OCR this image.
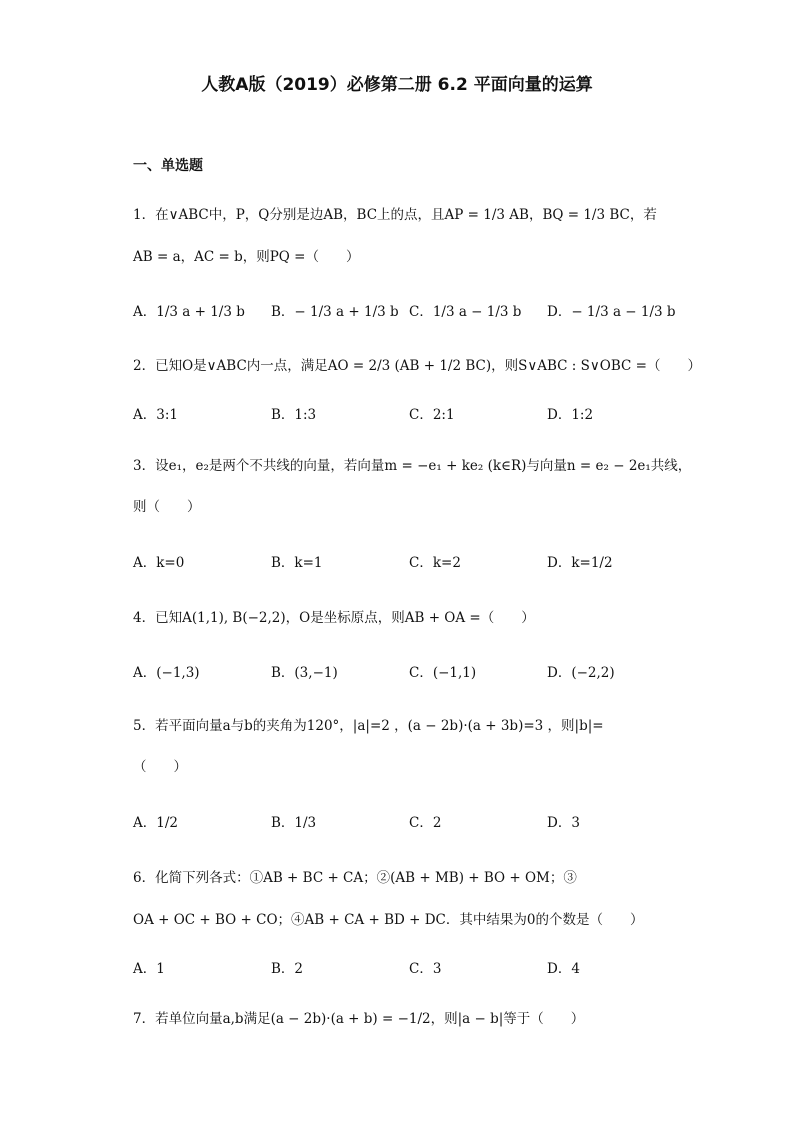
人教A版（2019）必修第二册 6.2 平面向量的运算
一、单选题
1．在∨ABC中，P，Q分别是边AB，BC上的点，且AP = 1/3 AB，BQ = 1/3 BC，若
AB = a，AC = b，则PQ =（　　）
A．1/3 a + 1/3 b B．− 1/3 a + 1/3 b C．1/3 a − 1/3 b D．− 1/3 a − 1/3 b
2．已知O是∨ABC内一点，满足AO = 2/3 (AB + 1/2 BC)，则S∨ABC : S∨OBC =（　　）
A．3:1	B．1:3	C．2:1	D．1:2
3．设e₁，e₂是两个不共线的向量，若向量m = −e₁ + ke₂ (k∈R)与向量n = e₂ − 2e₁共线，
则（　　）
A．k=0	B．k=1	C．k=2	D．k=1/2
4．已知A(1,1), B(−2,2)，O是坐标原点，则AB + OA =（　　）
A．(−1,3)	B．(3,−1)	C．(−1,1)	D．(−2,2)
5．若平面向量a与b的夹角为120°，|a|=2 ，(a − 2b)·(a + 3b)=3 ，则|b|=
（　　）
A．1/2	B．1/3	C．2	D．3
6．化简下列各式：①AB + BC + CA；②(AB + MB) + BO + OM；③
OA + OC + BO + CO；④AB + CA + BD + DC．其中结果为0的个数是（　　）
A．1	B．2	C．3	D．4
7．若单位向量a,b满足(a − 2b)·(a + b) = −1/2，则|a − b|等于（　　）
